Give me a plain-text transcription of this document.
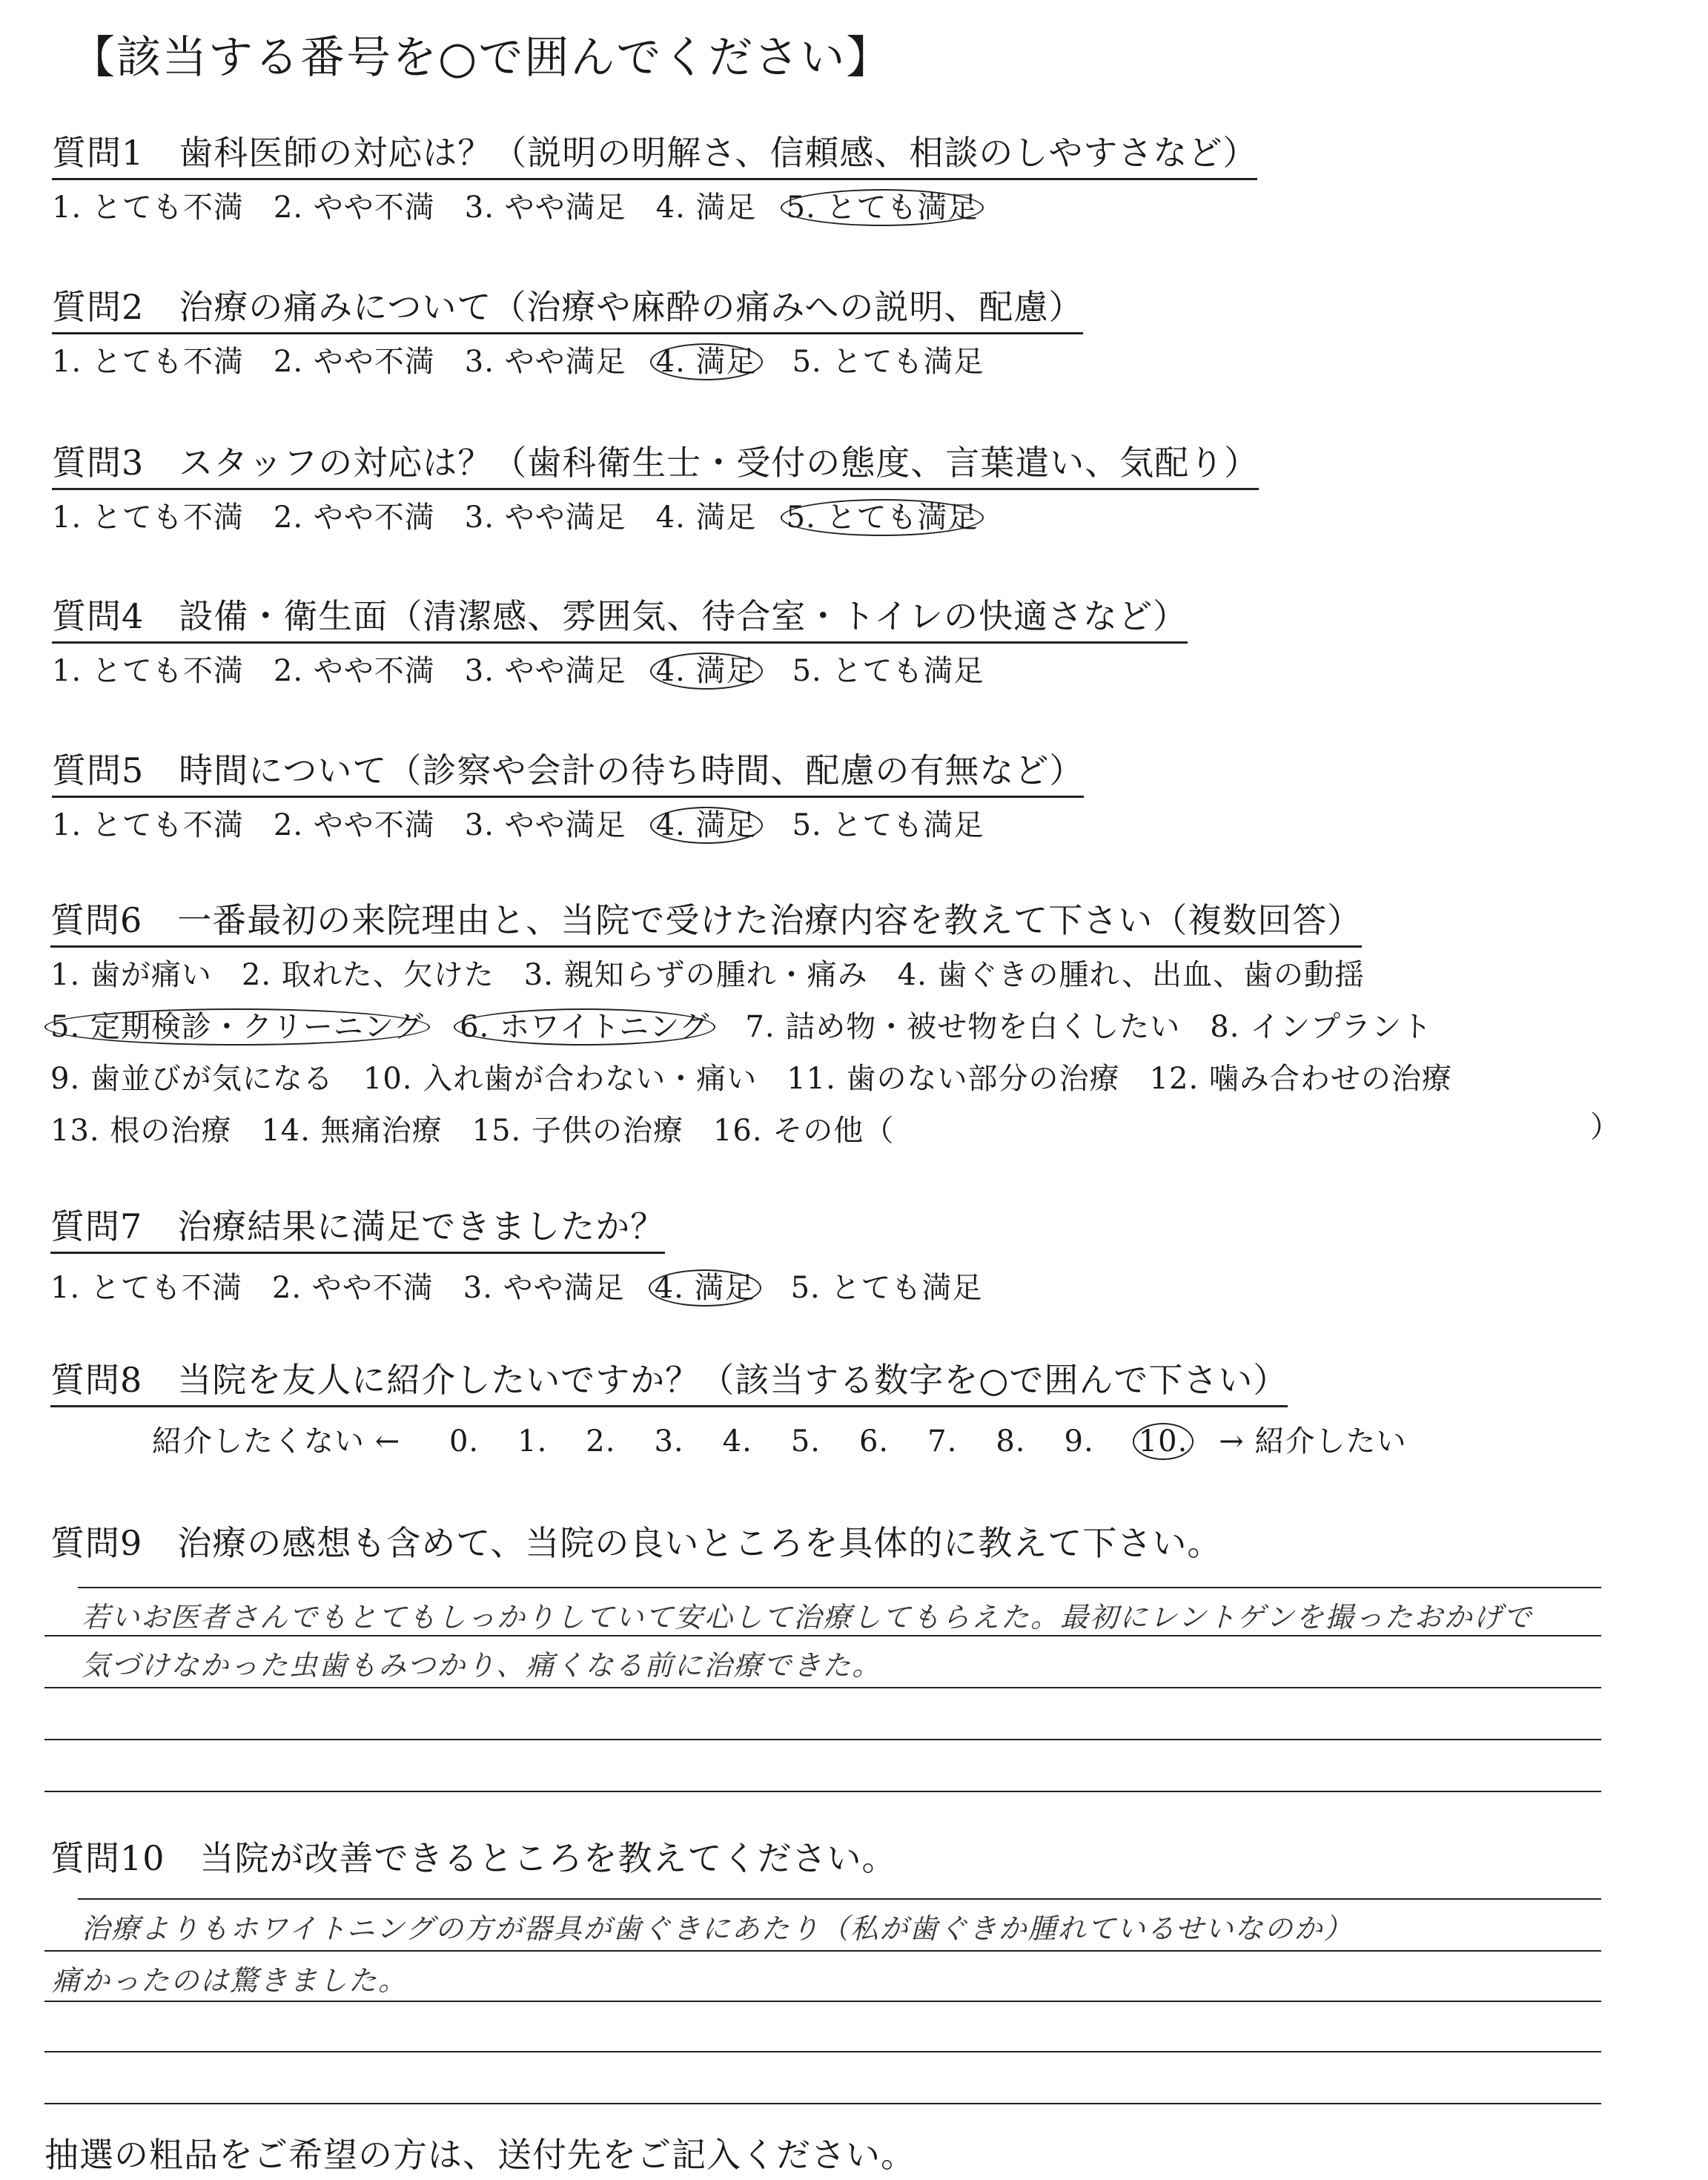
【該当する番号を○で囲んでください】
質問1　歯科医師の対応は？（説明の明解さ、信頼感、相談のしやすさなど）
1. とても不満 2. やや不満 3. やや満足 4. 満足 5. とても満足
質問2　治療の痛みについて（治療や麻酔の痛みへの説明、配慮）
1. とても不満 2. やや不満 3. やや満足 4. 満足 5. とても満足
質問3　スタッフの対応は？（歯科衛生士・受付の態度、言葉遣い、気配り）
1. とても不満 2. やや不満 3. やや満足 4. 満足 5. とても満足
質問4　設備・衛生面（清潔感、雰囲気、待合室・トイレの快適さなど）
1. とても不満 2. やや不満 3. やや満足 4. 満足 5. とても満足
質問5　時間について（診察や会計の待ち時間、配慮の有無など）
1. とても不満 2. やや不満 3. やや満足 4. 満足 5. とても満足
質問6　一番最初の来院理由と、当院で受けた治療内容を教えて下さい（複数回答）
1. 歯が痛い 2. 取れた、欠けた 3. 親知らずの腫れ・痛み 4. 歯ぐきの腫れ、出血、歯の動揺
5. 定期検診・クリーニング 6. ホワイトニング 7. 詰め物・被せ物を白くしたい 8. インプラント
9. 歯並びが気になる 10. 入れ歯が合わない・痛い 11. 歯のない部分の治療 12. 噛み合わせの治療
13. 根の治療 14. 無痛治療 15. 子供の治療 16. その他（	）
質問7　治療結果に満足できましたか？
1. とても不満 2. やや不満 3. やや満足 4. 満足 5. とても満足
質問8　当院を友人に紹介したいですか？（該当する数字を○で囲んで下さい）
紹介したくない ← 0. 1. 2. 3. 4. 5. 6. 7. 8. 9. 10. → 紹介したい
質問9　治療の感想も含めて、当院の良いところを具体的に教えて下さい。
若いお医者さんでもとてもしっかりしていて安心して治療してもらえた。最初にレントゲンを撮ったおかげで
気づけなかった虫歯もみつかり、痛くなる前に治療できた。
質問10　当院が改善できるところを教えてください。
治療よりもホワイトニングの方が器具が歯ぐきにあたり（私が歯ぐきか腫れているせいなのか）
痛かったのは驚きました。
抽選の粗品をご希望の方は、送付先をご記入ください。
